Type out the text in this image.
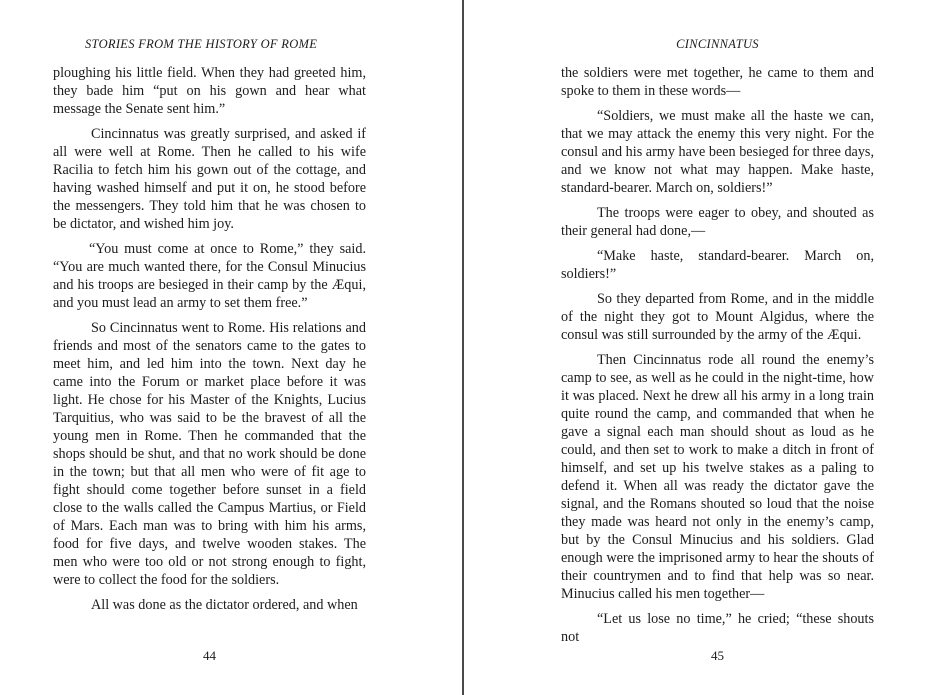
STORIES FROM THE HISTORY OF ROME

ploughing his little field. When they had greeted him, they bade him “put on his gown and hear what message the Senate sent him.”

Cincinnatus was greatly surprised, and asked if all were well at Rome. Then he called to his wife Racilia to fetch him his gown out of the cottage, and having washed himself and put it on, he stood before the messengers. They told him that he was chosen to be dictator, and wished him joy.

“You must come at once to Rome,” they said. “You are much wanted there, for the Consul Minucius and his troops are besieged in their camp by the Æqui, and you must lead an army to set them free.”

So Cincinnatus went to Rome. His relations and friends and most of the senators came to the gates to meet him, and led him into the town. Next day he came into the Forum or market place before it was light. He chose for his Master of the Knights, Lucius Tarquitius, who was said to be the bravest of all the young men in Rome. Then he commanded that the shops should be shut, and that no work should be done in the town; but that all men who were of fit age to fight should come together before sunset in a field close to the walls called the Campus Martius, or Field of Mars. Each man was to bring with him his arms, food for five days, and twelve wooden stakes. The men who were too old or not strong enough to fight, were to collect the food for the soldiers.

All was done as the dictator ordered, and when

44
CINCINNATUS

the soldiers were met together, he came to them and spoke to them in these words—

“Soldiers, we must make all the haste we can, that we may attack the enemy this very night. For the consul and his army have been besieged for three days, and we know not what may happen. Make haste, standard-bearer. March on, soldiers!”

The troops were eager to obey, and shouted as their general had done,—

“Make haste, standard-bearer. March on, soldiers!”

So they departed from Rome, and in the middle of the night they got to Mount Algidus, where the consul was still surrounded by the army of the Æqui.

Then Cincinnatus rode all round the enemy’s camp to see, as well as he could in the night-time, how it was placed. Next he drew all his army in a long train quite round the camp, and commanded that when he gave a signal each man should shout as loud as he could, and then set to work to make a ditch in front of himself, and set up his twelve stakes as a paling to defend it. When all was ready the dictator gave the signal, and the Romans shouted so loud that the noise they made was heard not only in the enemy’s camp, but by the Consul Minucius and his soldiers. Glad enough were the imprisoned army to hear the shouts of their countrymen and to find that help was so near. Minucius called his men together—

“Let us lose no time,” he cried; “these shouts not

45
